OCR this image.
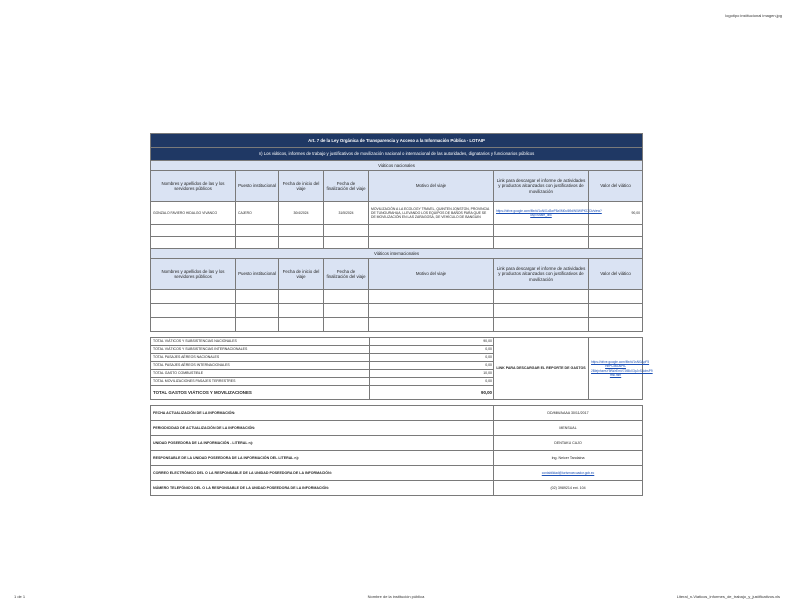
logotipo institucional imagen.jpg
Art. 7 de la Ley Orgánica de Transparencia y Acceso a la Información Pública - LOTAIP
n) Los viáticos, informes de trabajo y justificativos de movilización nacional o internacional de las autoridades, dignatarios y funcionarios públicos
Viáticos nacionales
Nombres y apellidos de las y los servidores públicos	Puesto institucional	Fecha de inicio del viaje	Fecha de finalización del viaje	Motivo del viaje	Link para descargar el informe de actividades y productos alcanzados con justificativos de movilización	Valor del viático
GONZALO FAVIERO HIDALGO VIVANCO	CAJERO	30/4/2024	31/5/2024	MOVILIZACIÓN A LA ECOLOGY TRAVEL, QUINTEN JONSTON, PROVINCIA DE TUNGURAHUA, LLEVANDO LOS EQUIPOS DE BAÑOS PARA QUE SE DE MOVILIZACIÓN EN LAS ZARAGOSA, DE VEHÍCULO DE BANGUIN	https://drive.google.com/file/d/1uN01d3wP8z0M0ul69dW0WlPfG7Ck/view?usp=share_link	90,00

Viáticos internacionales
Nombres y apellidos de las y los servidores públicos	Puesto institucional	Fecha de inicio del viaje	Fecha de finalización del viaje	Motivo del viaje	Link para descargar el informe de actividades y productos alcanzados con justificativos de movilización	Valor del viático

TOTAL VIÁTICOS Y SUBSISTENCIAS NACIONALES	90,00
TOTAL VIÁTICOS Y SUBSISTENCIAS INTERNACIONALES	0,00
TOTAL PASAJES AÉREOS NACIONALES	0,00
TOTAL PASAJES AÉREOS INTERNACIONALES	0,00
TOTAL GASTO COMBUSTIBLE	10,00
TOTAL MOVILIZACIONES PASAJES TERRESTRES	0,00
TOTAL GASTOS VIÁTICOS Y MOVILIZACIONES	90,00
	LINK PARA DESCARGAR EL REPORTE DE GASTOS	https://drive.google.com/file/d/1sNl0ApF5 HnPCd0D6PtL 2BlejnhzesY5fWzEmV7JtBkX3pJvS4ohsP9 fmk.htm

FECHA ACTUALIZACIÓN DE LA INFORMACIÓN:	DD/MM/AAAA 30/11/2017
PERIODICIDAD DE ACTUALIZACIÓN DE LA INFORMACIÓN:	MENSUAL
UNIDAD POSEEDORA DE LA INFORMACIÓN - LITERAL n):	DENTAKU CAJO
RESPONSABLE DE LA UNIDAD POSEEDORA DE LA INFORMACIÓN DEL LITERAL n):	Ing. Neicer Tandaina
CORREO ELECTRÓNICO DEL O LA RESPONSABLE DE LA UNIDAD POSEEDORA DE LA INFORMACIÓN:	contabilidad@turismoecuador.gob.ec
NÚMERO TELEFÓNICO DEL O LA RESPONSABLE DE LA UNIDAD POSEEDORA DE LA INFORMACIÓN:	(02) 3989214 ext. 104
1 de 1	Nombre de la institución pública	Literal_n-Viaticos_informes_de_trabajo_y_justificativos.xls
